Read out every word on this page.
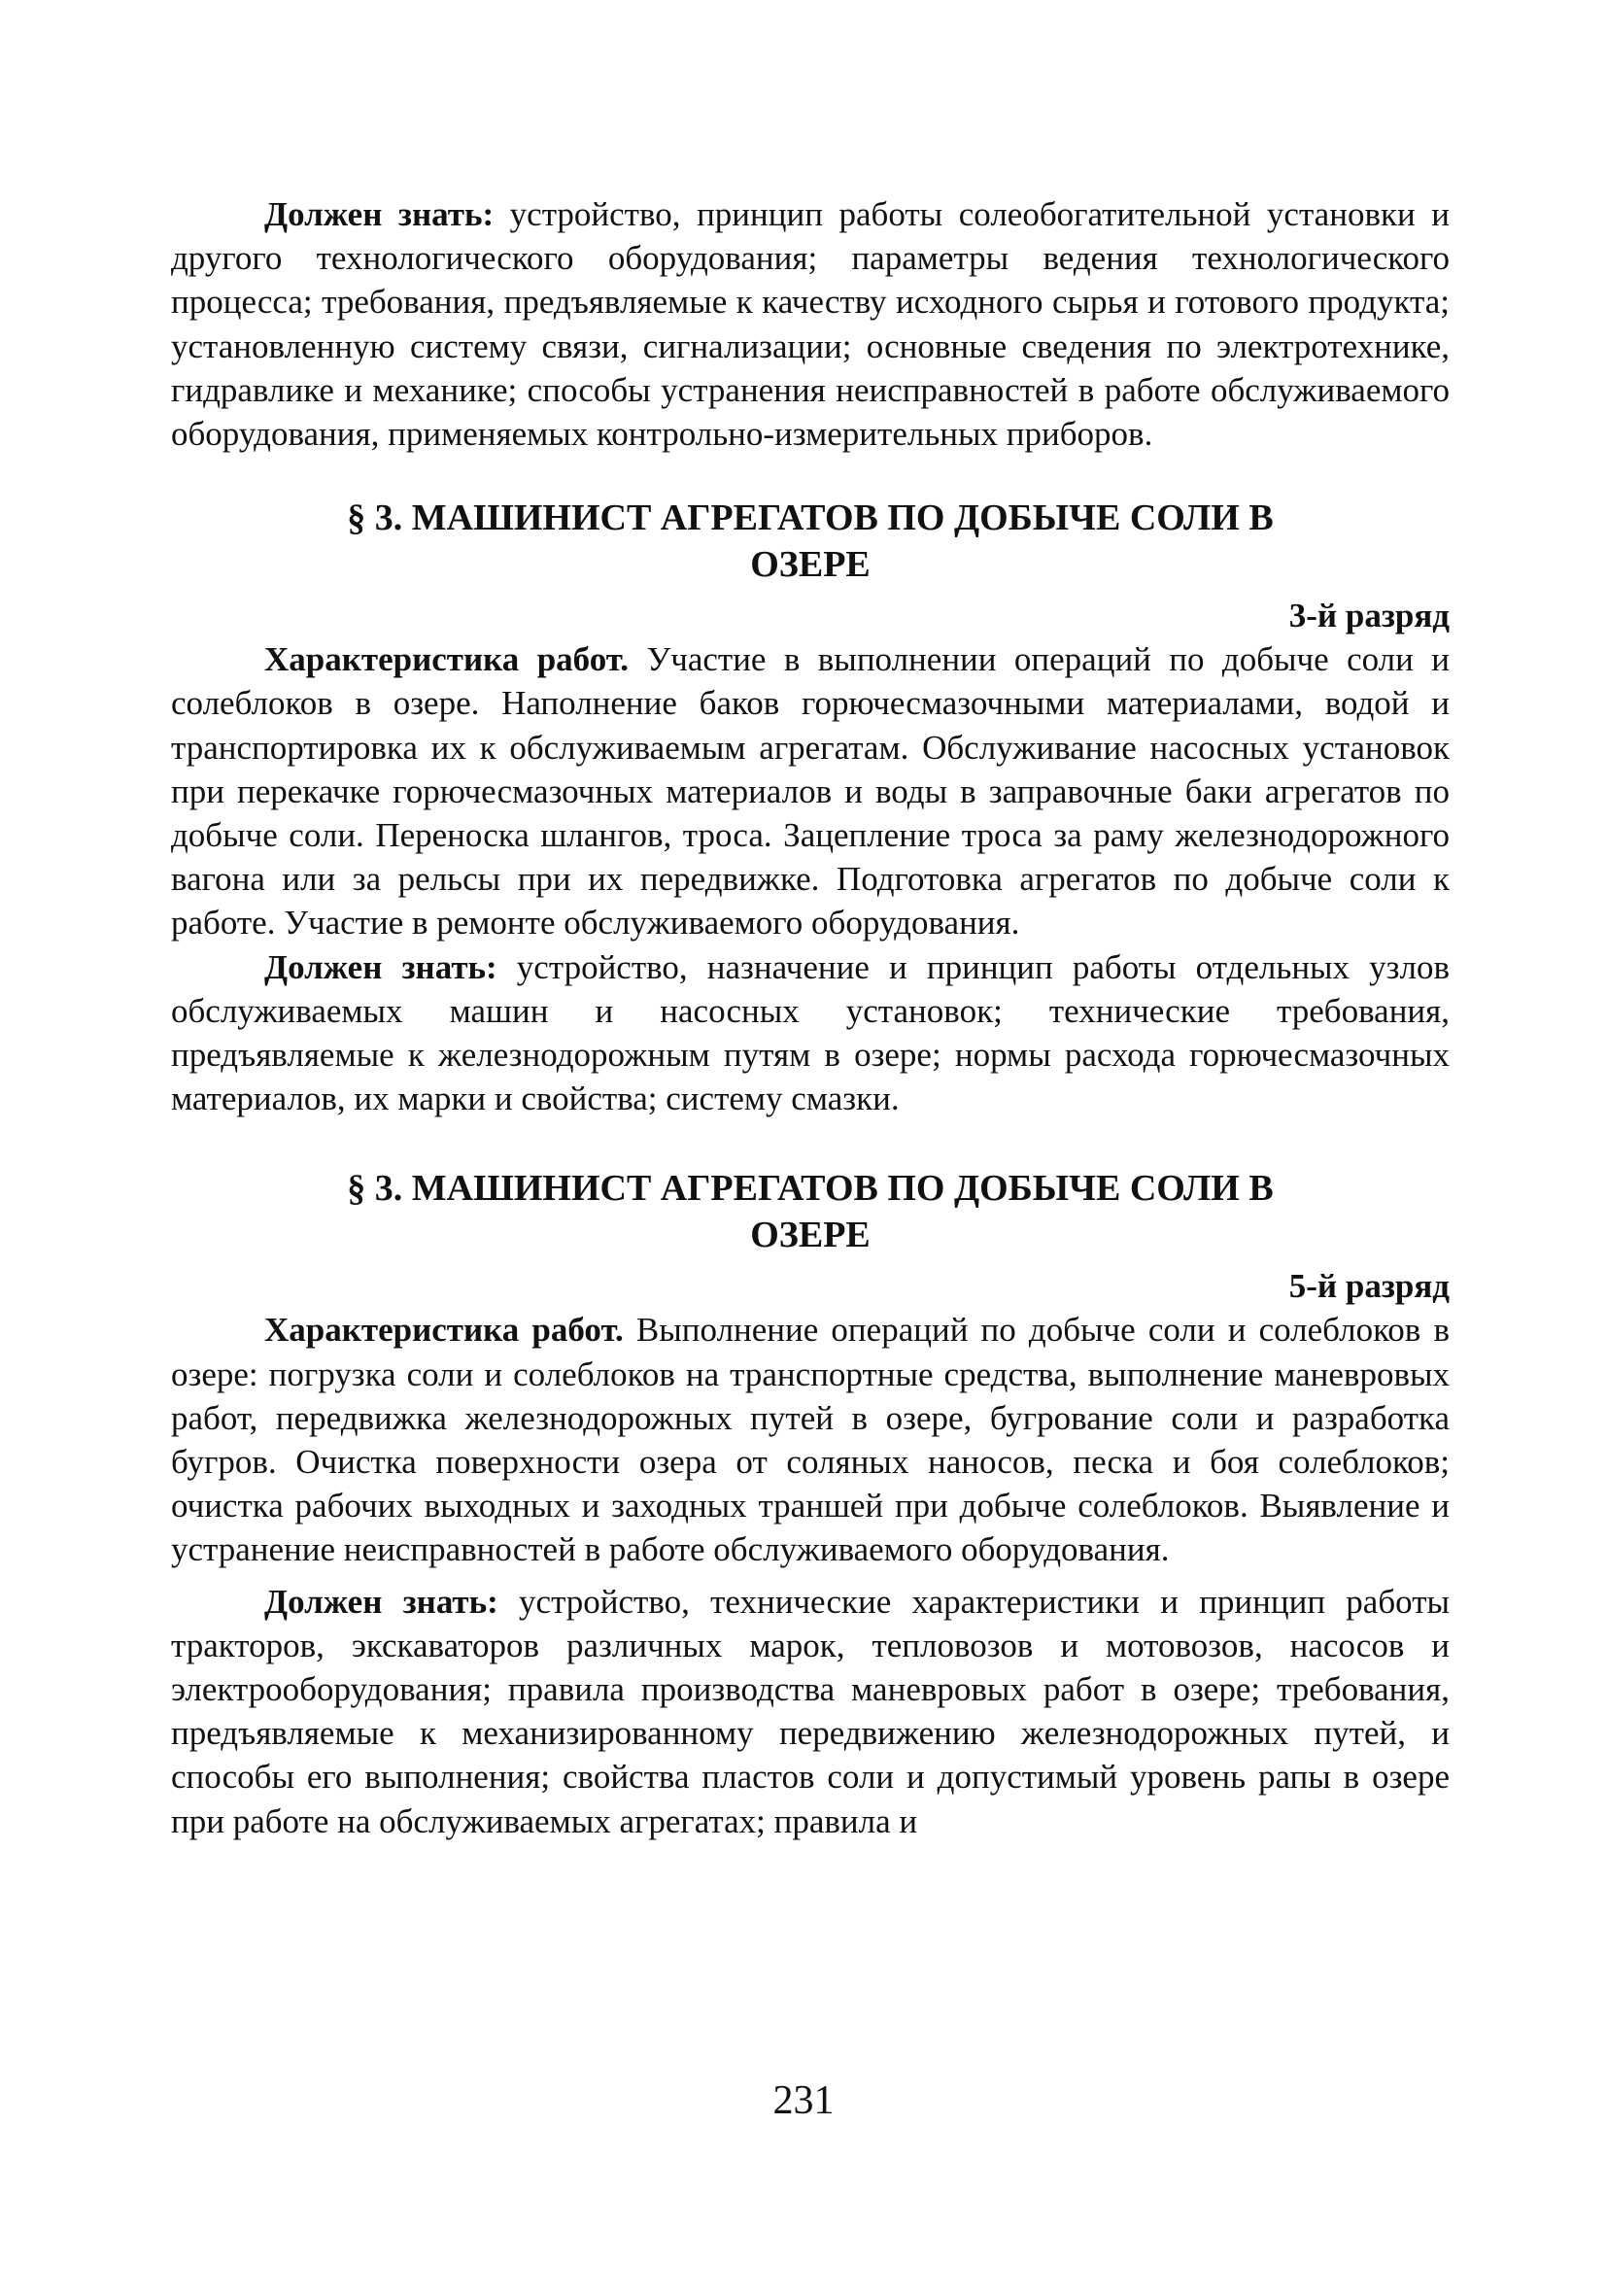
Должен знать: устройство, принцип работы солеобогатительной установки и другого технологического оборудования; параметры ведения технологического процесса; требования, предъявляемые к качеству исходного сырья и готового продукта; установленную систему связи, сигнализации; основные сведения по электротехнике, гидравлике и механике; способы устранения неисправностей в работе обслуживаемого оборудования, применяемых контрольно-измерительных приборов.

§ 3. МАШИНИСТ АГРЕГАТОВ ПО ДОБЫЧЕ СОЛИ В
ОЗЕРЕ
3-й разряд

Характеристика работ. Участие в выполнении операций по добыче соли и солеблоков в озере. Наполнение баков горючесмазочными материалами, водой и транспортировка их к обслуживаемым агрегатам. Обслуживание насосных установок при перекачке горючесмазочных материалов и воды в заправочные баки агрегатов по добыче соли. Переноска шлангов, троса. Зацепление троса за раму железнодорожного вагона или за рельсы при их передвижке. Подготовка агрегатов по добыче соли к работе. Участие в ремонте обслуживаемого оборудования.

Должен знать: устройство, назначение и принцип работы отдельных узлов обслуживаемых машин и насосных установок; технические требования, предъявляемые к железнодорожным путям в озере; нормы расхода горючесмазочных материалов, их марки и свойства; систему смазки.

§ 3. МАШИНИСТ АГРЕГАТОВ ПО ДОБЫЧЕ СОЛИ В
ОЗЕРЕ
5-й разряд

Характеристика работ. Выполнение операций по добыче соли и солеблоков в озере: погрузка соли и солеблоков на транспортные средства, выполнение маневровых работ, передвижка железнодорожных путей в озере, бугрование соли и разработка бугров. Очистка поверхности озера от соляных наносов, песка и боя солеблоков; очистка рабочих выходных и заходных траншей при добыче солеблоков. Выявление и устранение неисправностей в работе обслуживаемого оборудования.

Должен знать: устройство, технические характеристики и принцип работы тракторов, экскаваторов различных марок, тепловозов и мотовозов, насосов и электрооборудования; правила производства маневровых работ в озере; требования, предъявляемые к механизированному передвижению железнодорожных путей, и способы его выполнения; свойства пластов соли и допустимый уровень рапы в озере при работе на обслуживаемых агрегатах; правила и

231
